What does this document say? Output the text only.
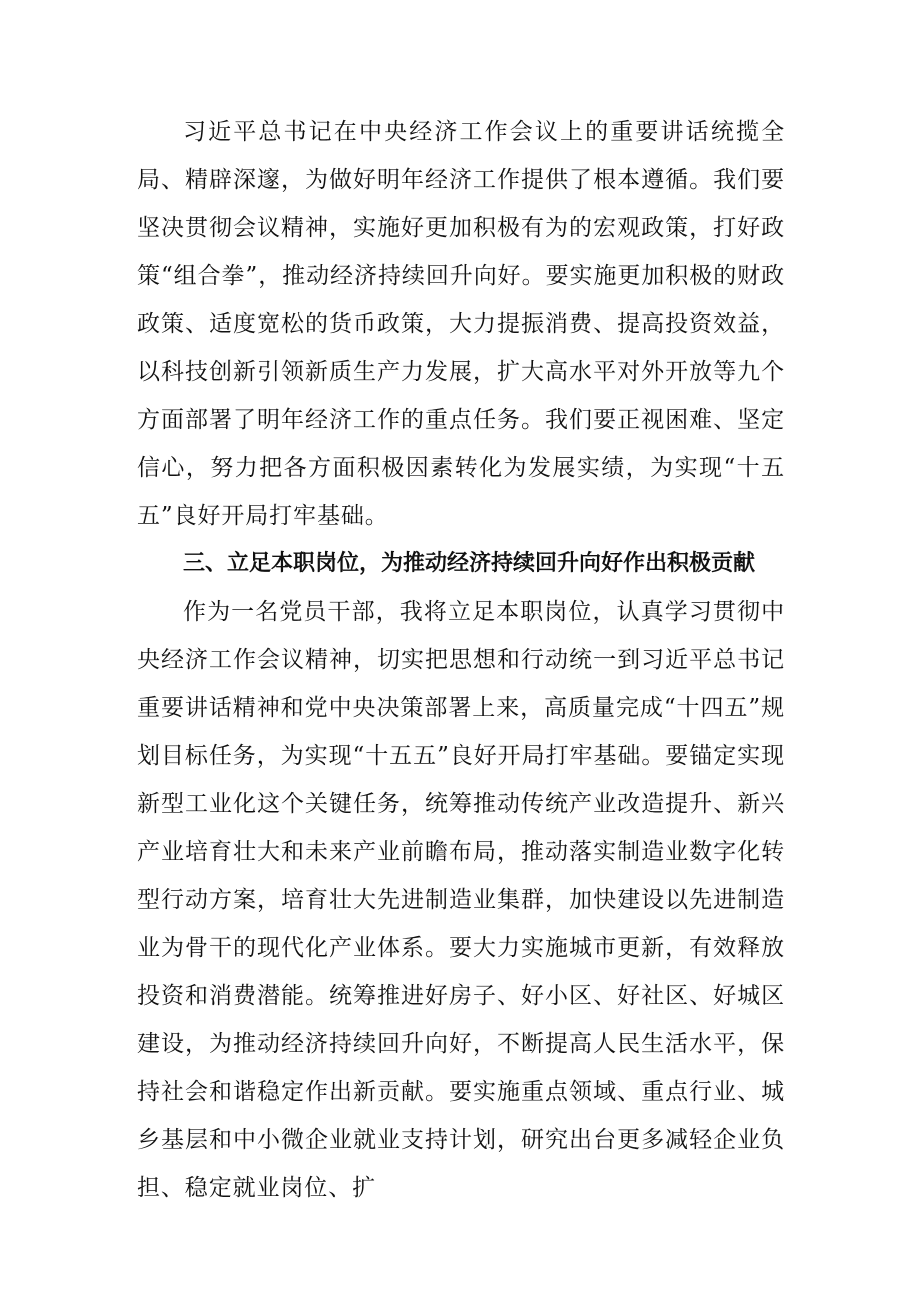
习近平总书记在中央经济工作会议上的重要讲话统揽全局、精辟深邃，为做好明年经济工作提供了根本遵循。我们要坚决贯彻会议精神，实施好更加积极有为的宏观政策，打好政策“组合拳”，推动经济持续回升向好。要实施更加积极的财政政策、适度宽松的货币政策，大力提振消费、提高投资效益，以科技创新引领新质生产力发展，扩大高水平对外开放等九个方面部署了明年经济工作的重点任务。我们要正视困难、坚定信心，努力把各方面积极因素转化为发展实绩，为实现“十五五”良好开局打牢基础。

三、立足本职岗位，为推动经济持续回升向好作出积极贡献

作为一名党员干部，我将立足本职岗位，认真学习贯彻中央经济工作会议精神，切实把思想和行动统一到习近平总书记重要讲话精神和党中央决策部署上来，高质量完成“十四五”规划目标任务，为实现“十五五”良好开局打牢基础。要锚定实现新型工业化这个关键任务，统筹推动传统产业改造提升、新兴产业培育壮大和未来产业前瞻布局，推动落实制造业数字化转型行动方案，培育壮大先进制造业集群，加快建设以先进制造业为骨干的现代化产业体系。要大力实施城市更新，有效释放投资和消费潜能。统筹推进好房子、好小区、好社区、好城区建设，为推动经济持续回升向好，不断提高人民生活水平，保持社会和谐稳定作出新贡献。要实施重点领域、重点行业、城乡基层和中小微企业就业支持计划，研究出台更多减轻企业负担、稳定就业岗位、扩
